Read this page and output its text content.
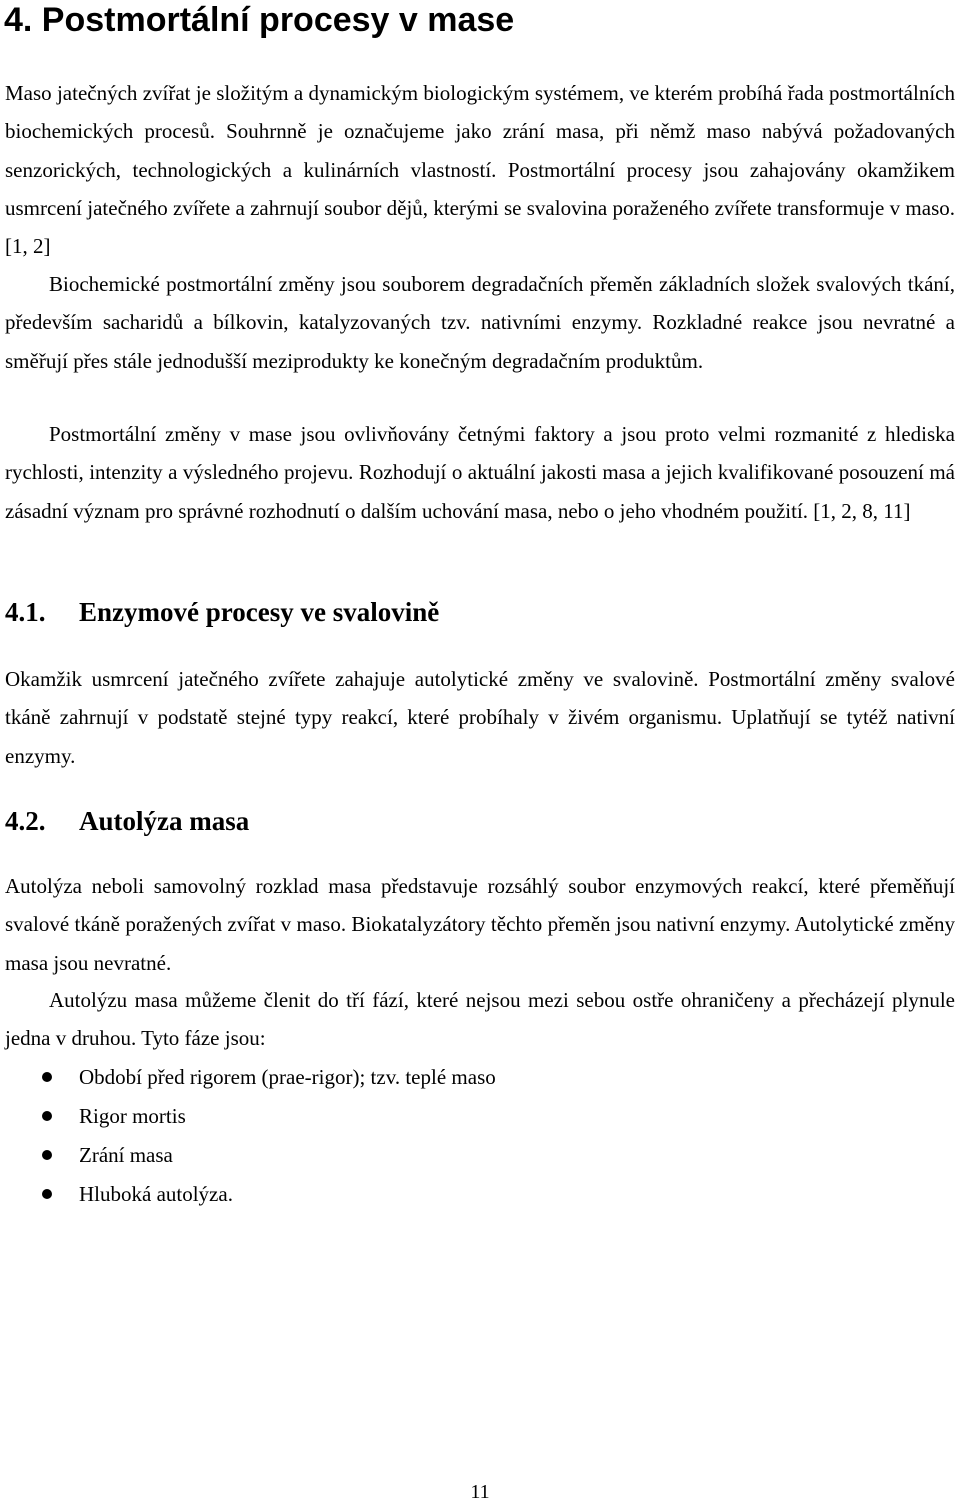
4. Postmortální procesy v mase

Maso jatečných zvířat je složitým a dynamickým biologickým systémem, ve kterém probíhá řada postmortálních biochemických procesů. Souhrnně je označujeme jako zrání masa, při němž maso nabývá požadovaných senzorických, technologických a kulinárních vlastností. Postmortální procesy jsou zahajovány okamžikem usmrcení jatečného zvířete a zahrnují soubor dějů, kterými se svalovina poraženého zvířete transformuje v maso. [1, 2]

Biochemické postmortální změny jsou souborem degradačních přeměn základních složek svalových tkání, především sacharidů a bílkovin, katalyzovaných tzv. nativními enzymy. Rozkladné reakce jsou nevratné a směřují přes stále jednodušší meziprodukty ke konečným degradačním produktům.

Postmortální změny v mase jsou ovlivňovány četnými faktory a jsou proto velmi rozmanité z hlediska rychlosti, intenzity a výsledného projevu. Rozhodují o aktuální jakosti masa a jejich kvalifikované posouzení má zásadní význam pro správné rozhodnutí o dalším uchování masa, nebo o jeho vhodném použití. [1, 2, 8, 11]

4.1. Enzymové procesy ve svalovině

Okamžik usmrcení jatečného zvířete zahajuje autolytické změny ve svalovině. Postmortální změny svalové tkáně zahrnují v podstatě stejné typy reakcí, které probíhaly v živém organismu. Uplatňují se tytéž nativní enzymy.

4.2. Autolýza masa

Autolýza neboli samovolný rozklad masa představuje rozsáhlý soubor enzymových reakcí, které přeměňují svalové tkáně poražených zvířat v maso. Biokatalyzátory těchto přeměn jsou nativní enzymy. Autolytické změny masa jsou nevratné.

Autolýzu masa můžeme členit do tří fází, které nejsou mezi sebou ostře ohraničeny a přecházejí plynule jedna v druhou. Tyto fáze jsou:

Období před rigorem (prae-rigor); tzv. teplé maso
Rigor mortis
Zrání masa
Hluboká autolýza.
11
